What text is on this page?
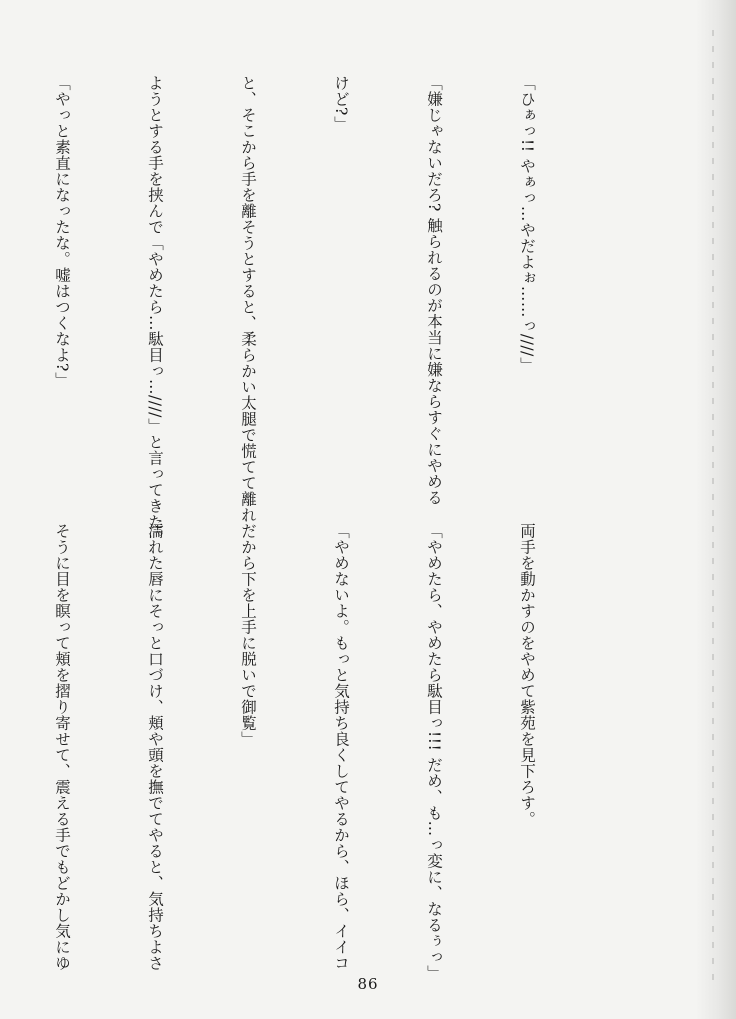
「ひぁっ!! やぁっ…やだよぉ……っ////」

「嫌じゃないだろ? 触られるのが本当に嫌ならすぐにやめる

けど?」

と、そこから手を離そうとすると、柔らかい太腿で慌てて離れ

ようとする手を挟んで「やめたら…駄目っ…////」と言ってきた。

「やっと素直になったな。嘘はつくなよ?」

両手を動かすのをやめて紫苑を見下ろす。

「やめたら、やめたら駄目っ!!! だめ、も…っ変に、なるぅっ」

「やめないよ。もっと気持ち良くしてやるから、ほら、イイコ

だから下を上手に脱いで御覧」

濡れた唇にそっと口づけ、頬や頭を撫でてやると、気持ちよさ

そうに目を瞑って頬を摺り寄せて、震える手でもどかし気にゆ

86
